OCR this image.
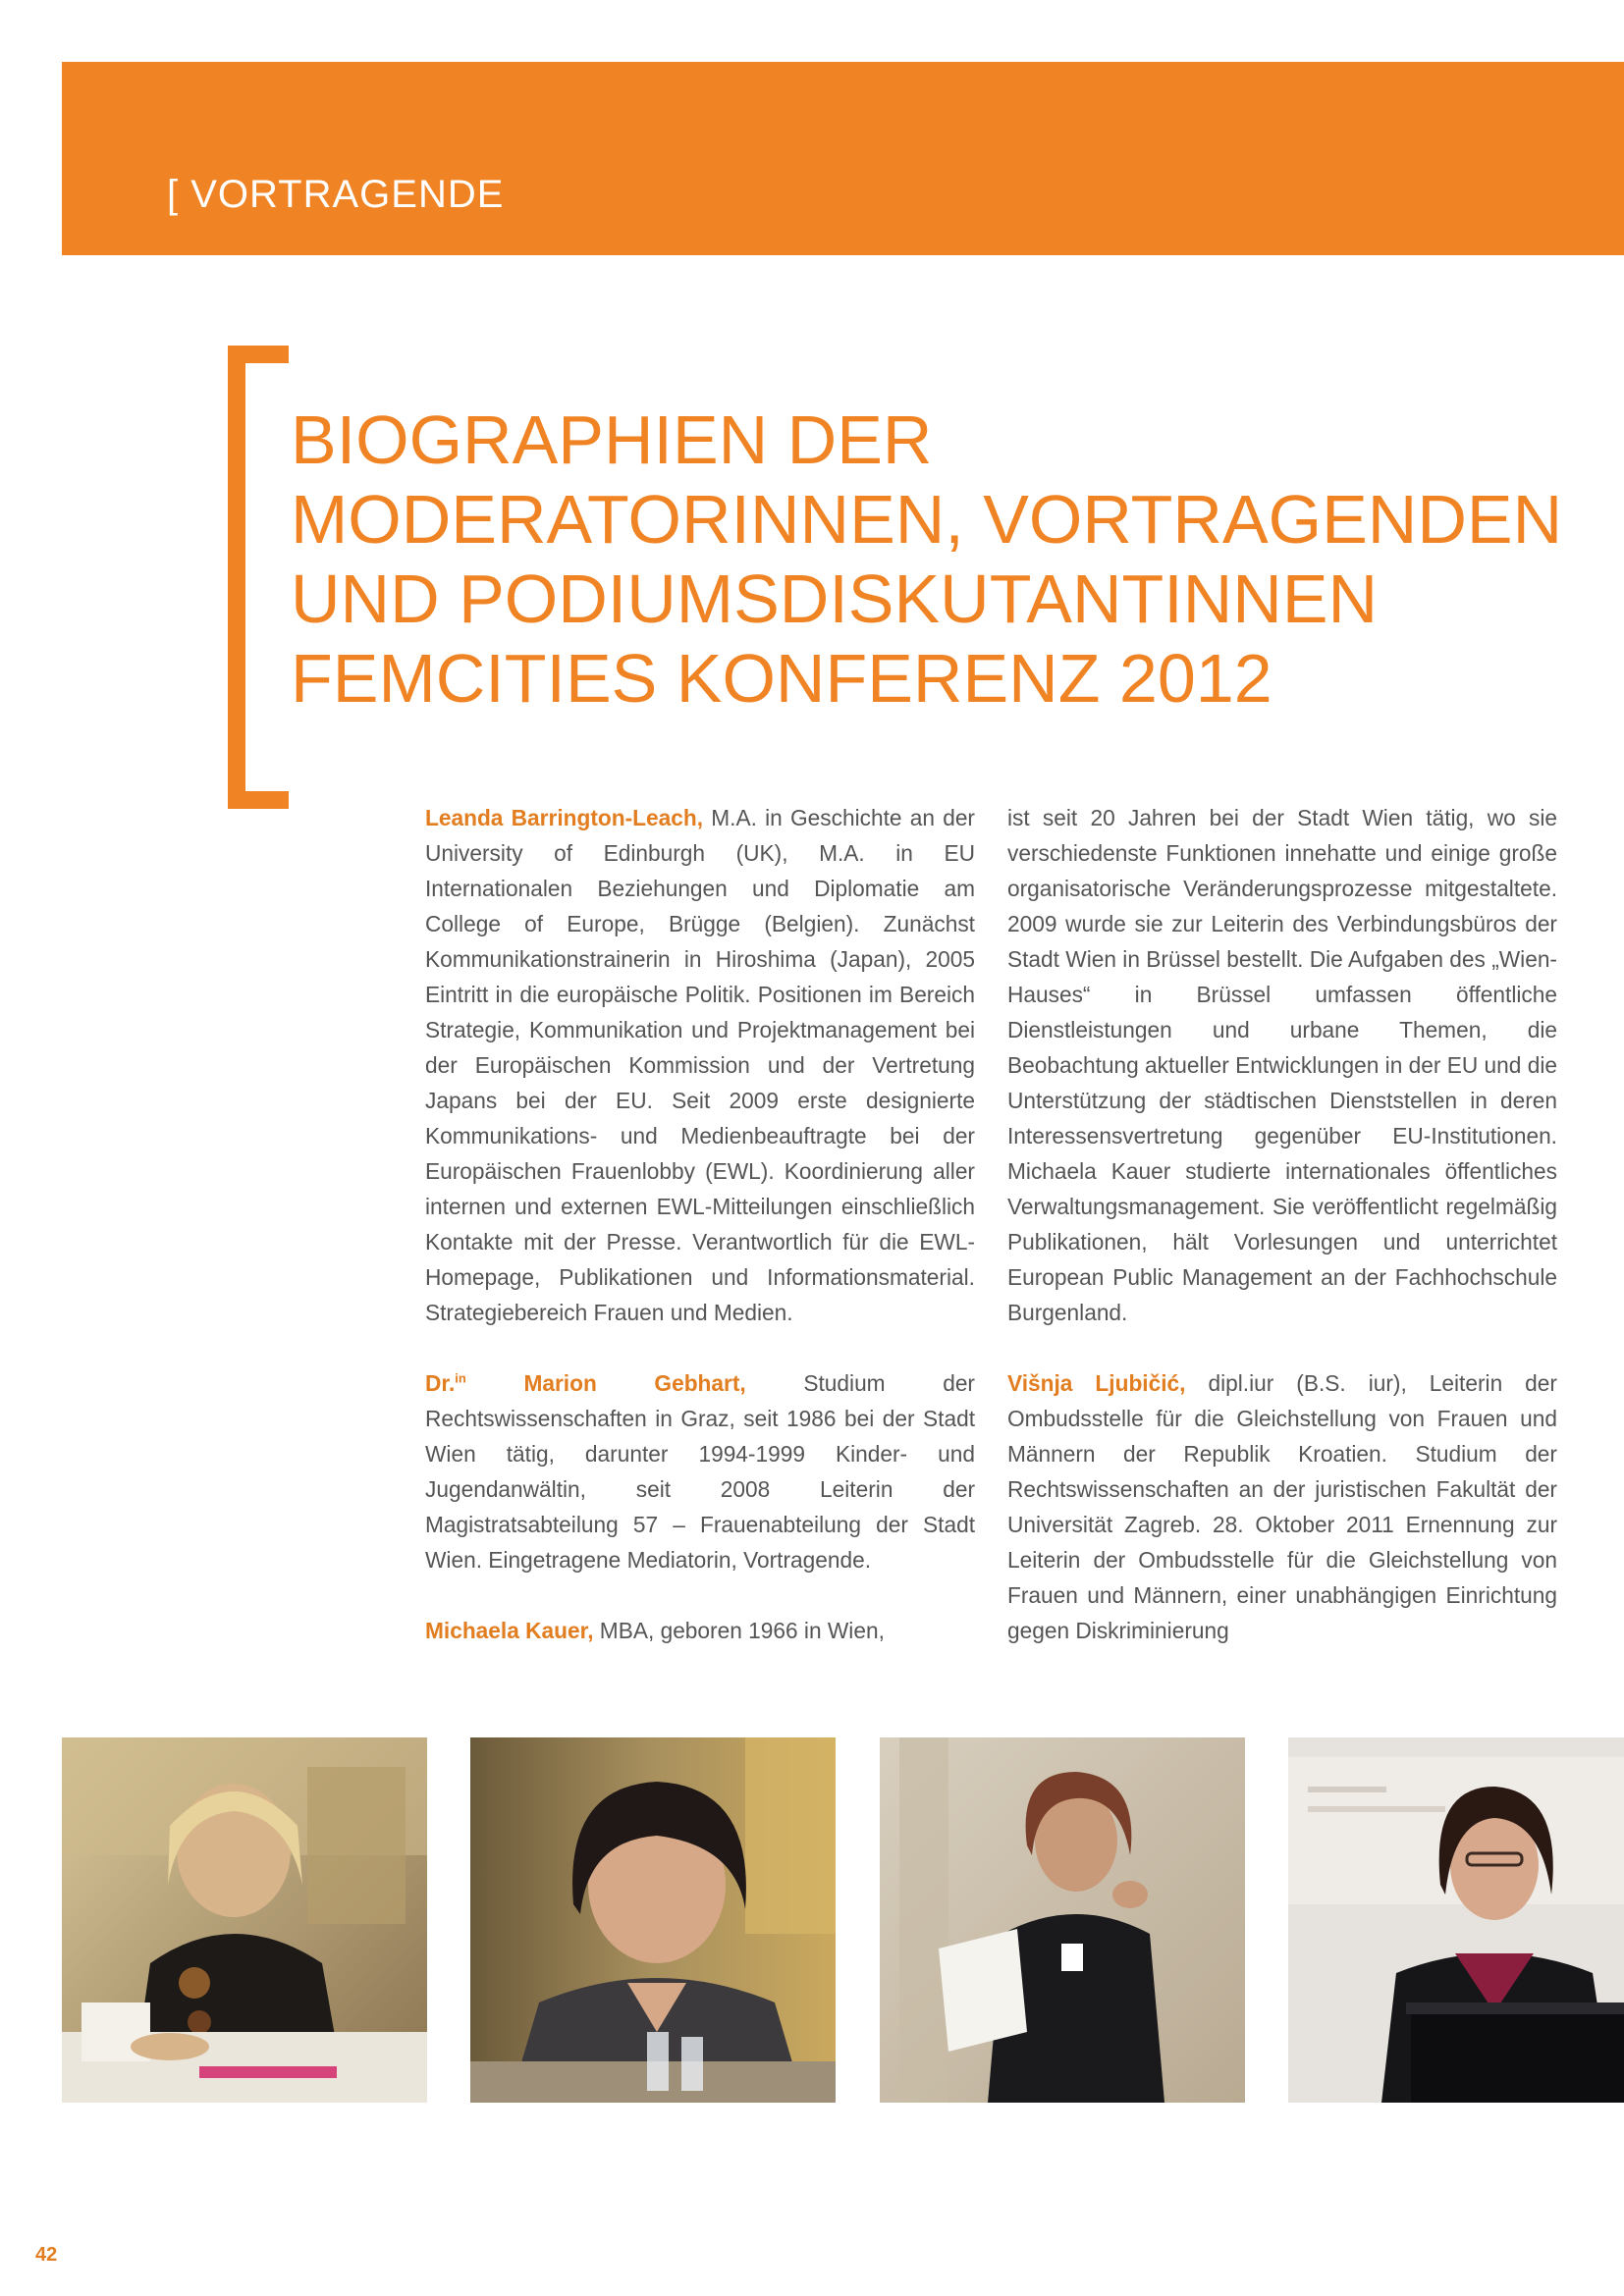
[ VORTRAGENDE
BIOGRAPHIEN DER
MODERATORINNEN, VORTRAGENDEN
UND PODIUMSDISKUTANTINNEN
FEMCITIES KONFERENZ 2012

Leanda Barrington-Leach, M.A. in Geschichte an der University of Edinburgh (UK), M.A. in EU Internationalen Beziehungen und Diplomatie am College of Europe, Brügge (Belgien). Zunächst Kommunikationstrainerin in Hiroshima (Japan), 2005 Eintritt in die europäische Politik. Positionen im Bereich Strategie, Kommunikation und Projektmanagement bei der Europäischen Kommission und der Vertretung Japans bei der EU. Seit 2009 erste designierte Kommunikations- und Medienbeauftragte bei der Europäischen Frauenlobby (EWL). Koordinierung aller internen und externen EWL-Mitteilungen einschließlich Kontakte mit der Presse. Verantwortlich für die EWL-Homepage, Publikationen und Informationsmaterial. Strategiebereich Frauen und Medien.

Dr.$^{in}$ Marion Gebhart, Studium der Rechtswissenschaften in Graz, seit 1986 bei der Stadt Wien tätig, darunter 1994-1999 Kinder- und Jugendanwältin, seit 2008 Leiterin der Magistratsabteilung 57 – Frauenabteilung der Stadt Wien. Eingetragene Mediatorin, Vortragende.

Michaela Kauer, MBA, geboren 1966 in Wien,

ist seit 20 Jahren bei der Stadt Wien tätig, wo sie verschiedenste Funktionen innehatte und einige große organisatorische Veränderungsprozesse mitgestaltete. 2009 wurde sie zur Leiterin des Verbindungsbüros der Stadt Wien in Brüssel bestellt. Die Aufgaben des „Wien-Hauses“ in Brüssel umfassen öffentliche Dienstleistungen und urbane Themen, die Beobachtung aktueller Entwicklungen in der EU und die Unterstützung der städtischen Dienststellen in deren Interessensvertretung gegenüber EU-Institutionen. Michaela Kauer studierte internationales öffentliches Verwaltungsmanagement. Sie veröffentlicht regelmäßig Publikationen, hält Vorlesungen und unterrichtet European Public Management an der Fachhochschule Burgenland.

Višnja Ljubičić, dipl.iur (B.S. iur), Leiterin der Ombudsstelle für die Gleichstellung von Frauen und Männern der Republik Kroatien. Studium der Rechtswissenschaften an der juristischen Fakultät der Universität Zagreb. 28. Oktober 2011 Ernennung zur Leiterin der Ombudsstelle für die Gleichstellung von Frauen und Männern, einer unabhängigen Einrichtung gegen Diskriminierung

42
